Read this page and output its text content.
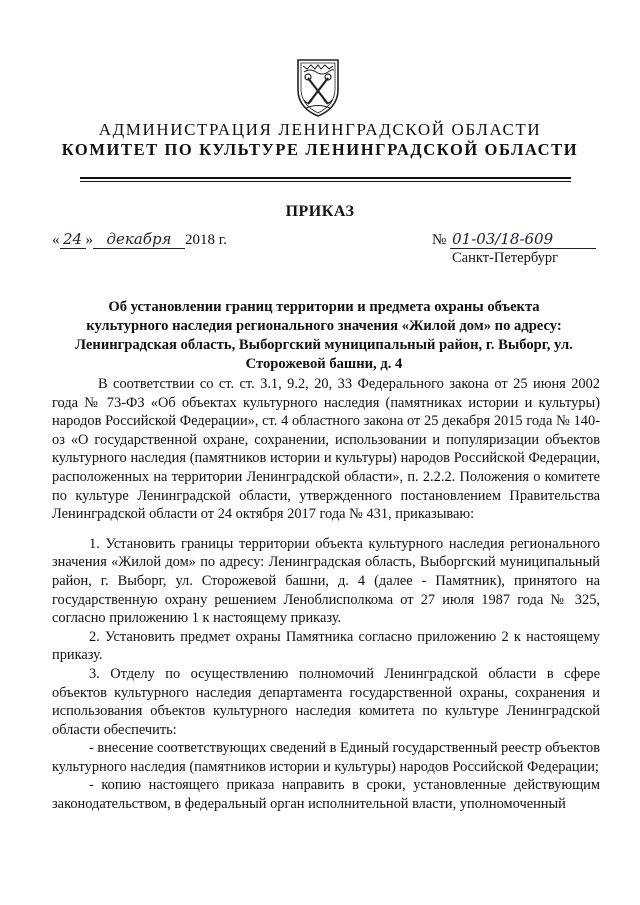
АДМИНИСТРАЦИЯ ЛЕНИНГРАДСКОЙ ОБЛАСТИ
КОМИТЕТ ПО КУЛЬТУРЕ ЛЕНИНГРАДСКОЙ ОБЛАСТИ
ПРИКАЗ
« 24 » декабря 2018 г.	№ 01-03/18-609
Санкт-Петербург
Об установлении границ территории и предмета охраны объекта культурного наследия регионального значения «Жилой дом» по адресу: Ленинградская область, Выборгский муниципальный район, г. Выборг, ул. Сторожевой башни, д. 4

В соответствии со ст. ст. 3.1, 9.2, 20, 33 Федерального закона от 25 июня 2002 года № 73-ФЗ «Об объектах культурного наследия (памятниках истории и культуры) народов Российской Федерации», ст. 4 областного закона от 25 декабря 2015 года № 140-оз «О государственной охране, сохранении, использовании и популяризации объектов культурного наследия (памятников истории и культуры) народов Российской Федерации, расположенных на территории Ленинградской области», п. 2.2.2. Положения о комитете по культуре Ленинградской области, утвержденного постановлением Правительства Ленинградской области от 24 октября 2017 года № 431, приказываю:

1. Установить границы территории объекта культурного наследия регионального значения «Жилой дом» по адресу: Ленинградская область, Выборгский муниципальный район, г. Выборг, ул. Сторожевой башни, д. 4 (далее - Памятник), принятого на государственную охрану решением Леноблисполкома от 27 июля 1987 года № 325, согласно приложению 1 к настоящему приказу.

2. Установить предмет охраны Памятника согласно приложению 2 к настоящему приказу.

3. Отделу по осуществлению полномочий Ленинградской области в сфере объектов культурного наследия департамента государственной охраны, сохранения и использования объектов культурного наследия комитета по культуре Ленинградской области обеспечить:

- внесение соответствующих сведений в Единый государственный реестр объектов культурного наследия (памятников истории и культуры) народов Российской Федерации;

- копию настоящего приказа направить в сроки, установленные действующим законодательством, в федеральный орган исполнительной власти, уполномоченный
